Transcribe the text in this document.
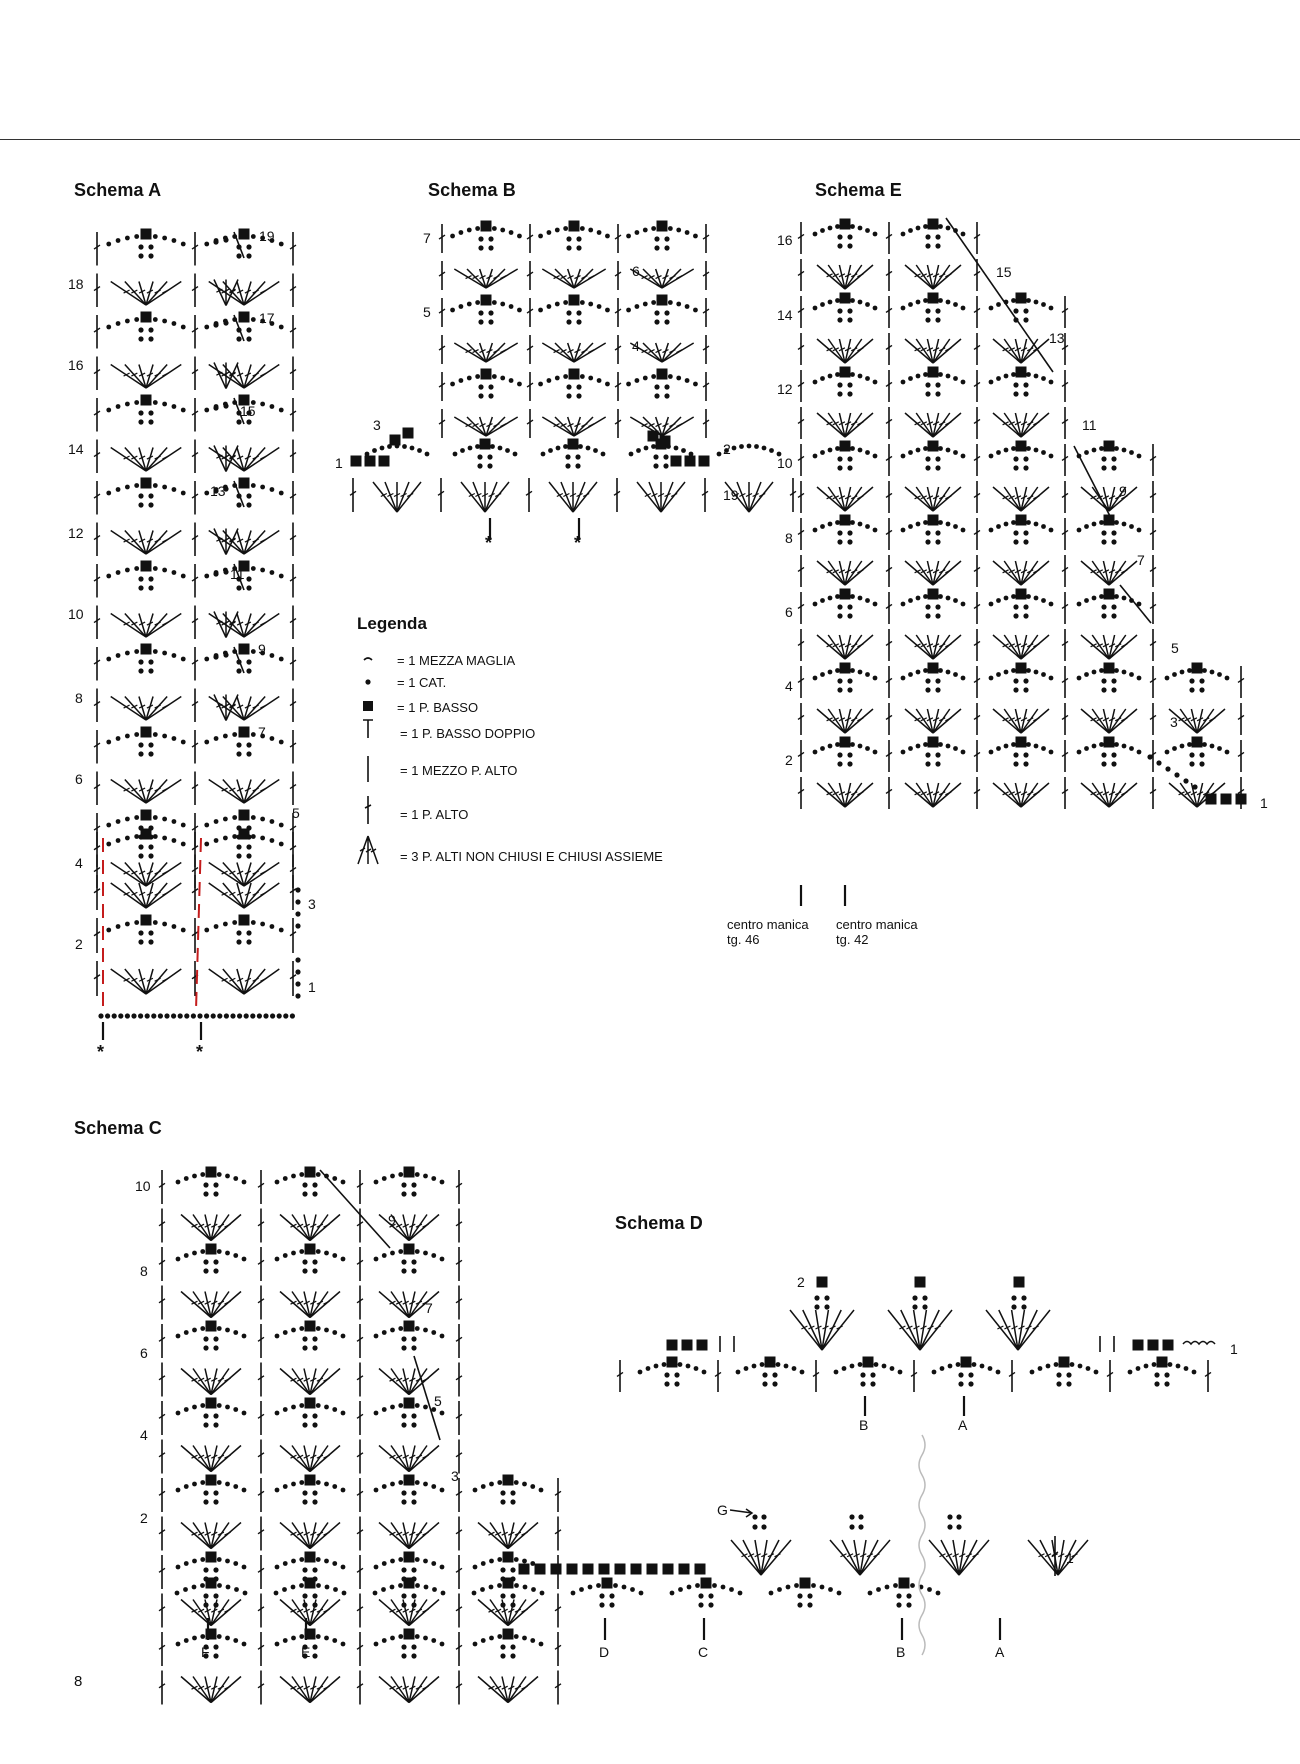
Schema A
18
16
14
12
10
8
6
4
2
19
17
15
13
11
9
7
5
3
1
*	*
Schema B
7
5
3
1
6
4
2
19
*	*
Legenda
= 1 MEZZA MAGLIA
= 1 CAT.
= 1 P. BASSO
= 1 P. BASSO DOPPIO
= 1 MEZZO P. ALTO
= 1 P. ALTO
= 3 P. ALTI NON CHIUSI E CHIUSI ASSIEME
Schema E
16
14
12
10
8
6
4
2
15
13
11
9
7
5
3
1
centro manica
tg. 46
centro manica
tg. 42
Schema C
10
8
6
4
2
9
7
5
3
1
G
F	E	D	C	B	A
Schema D
2
1
B	A
8
